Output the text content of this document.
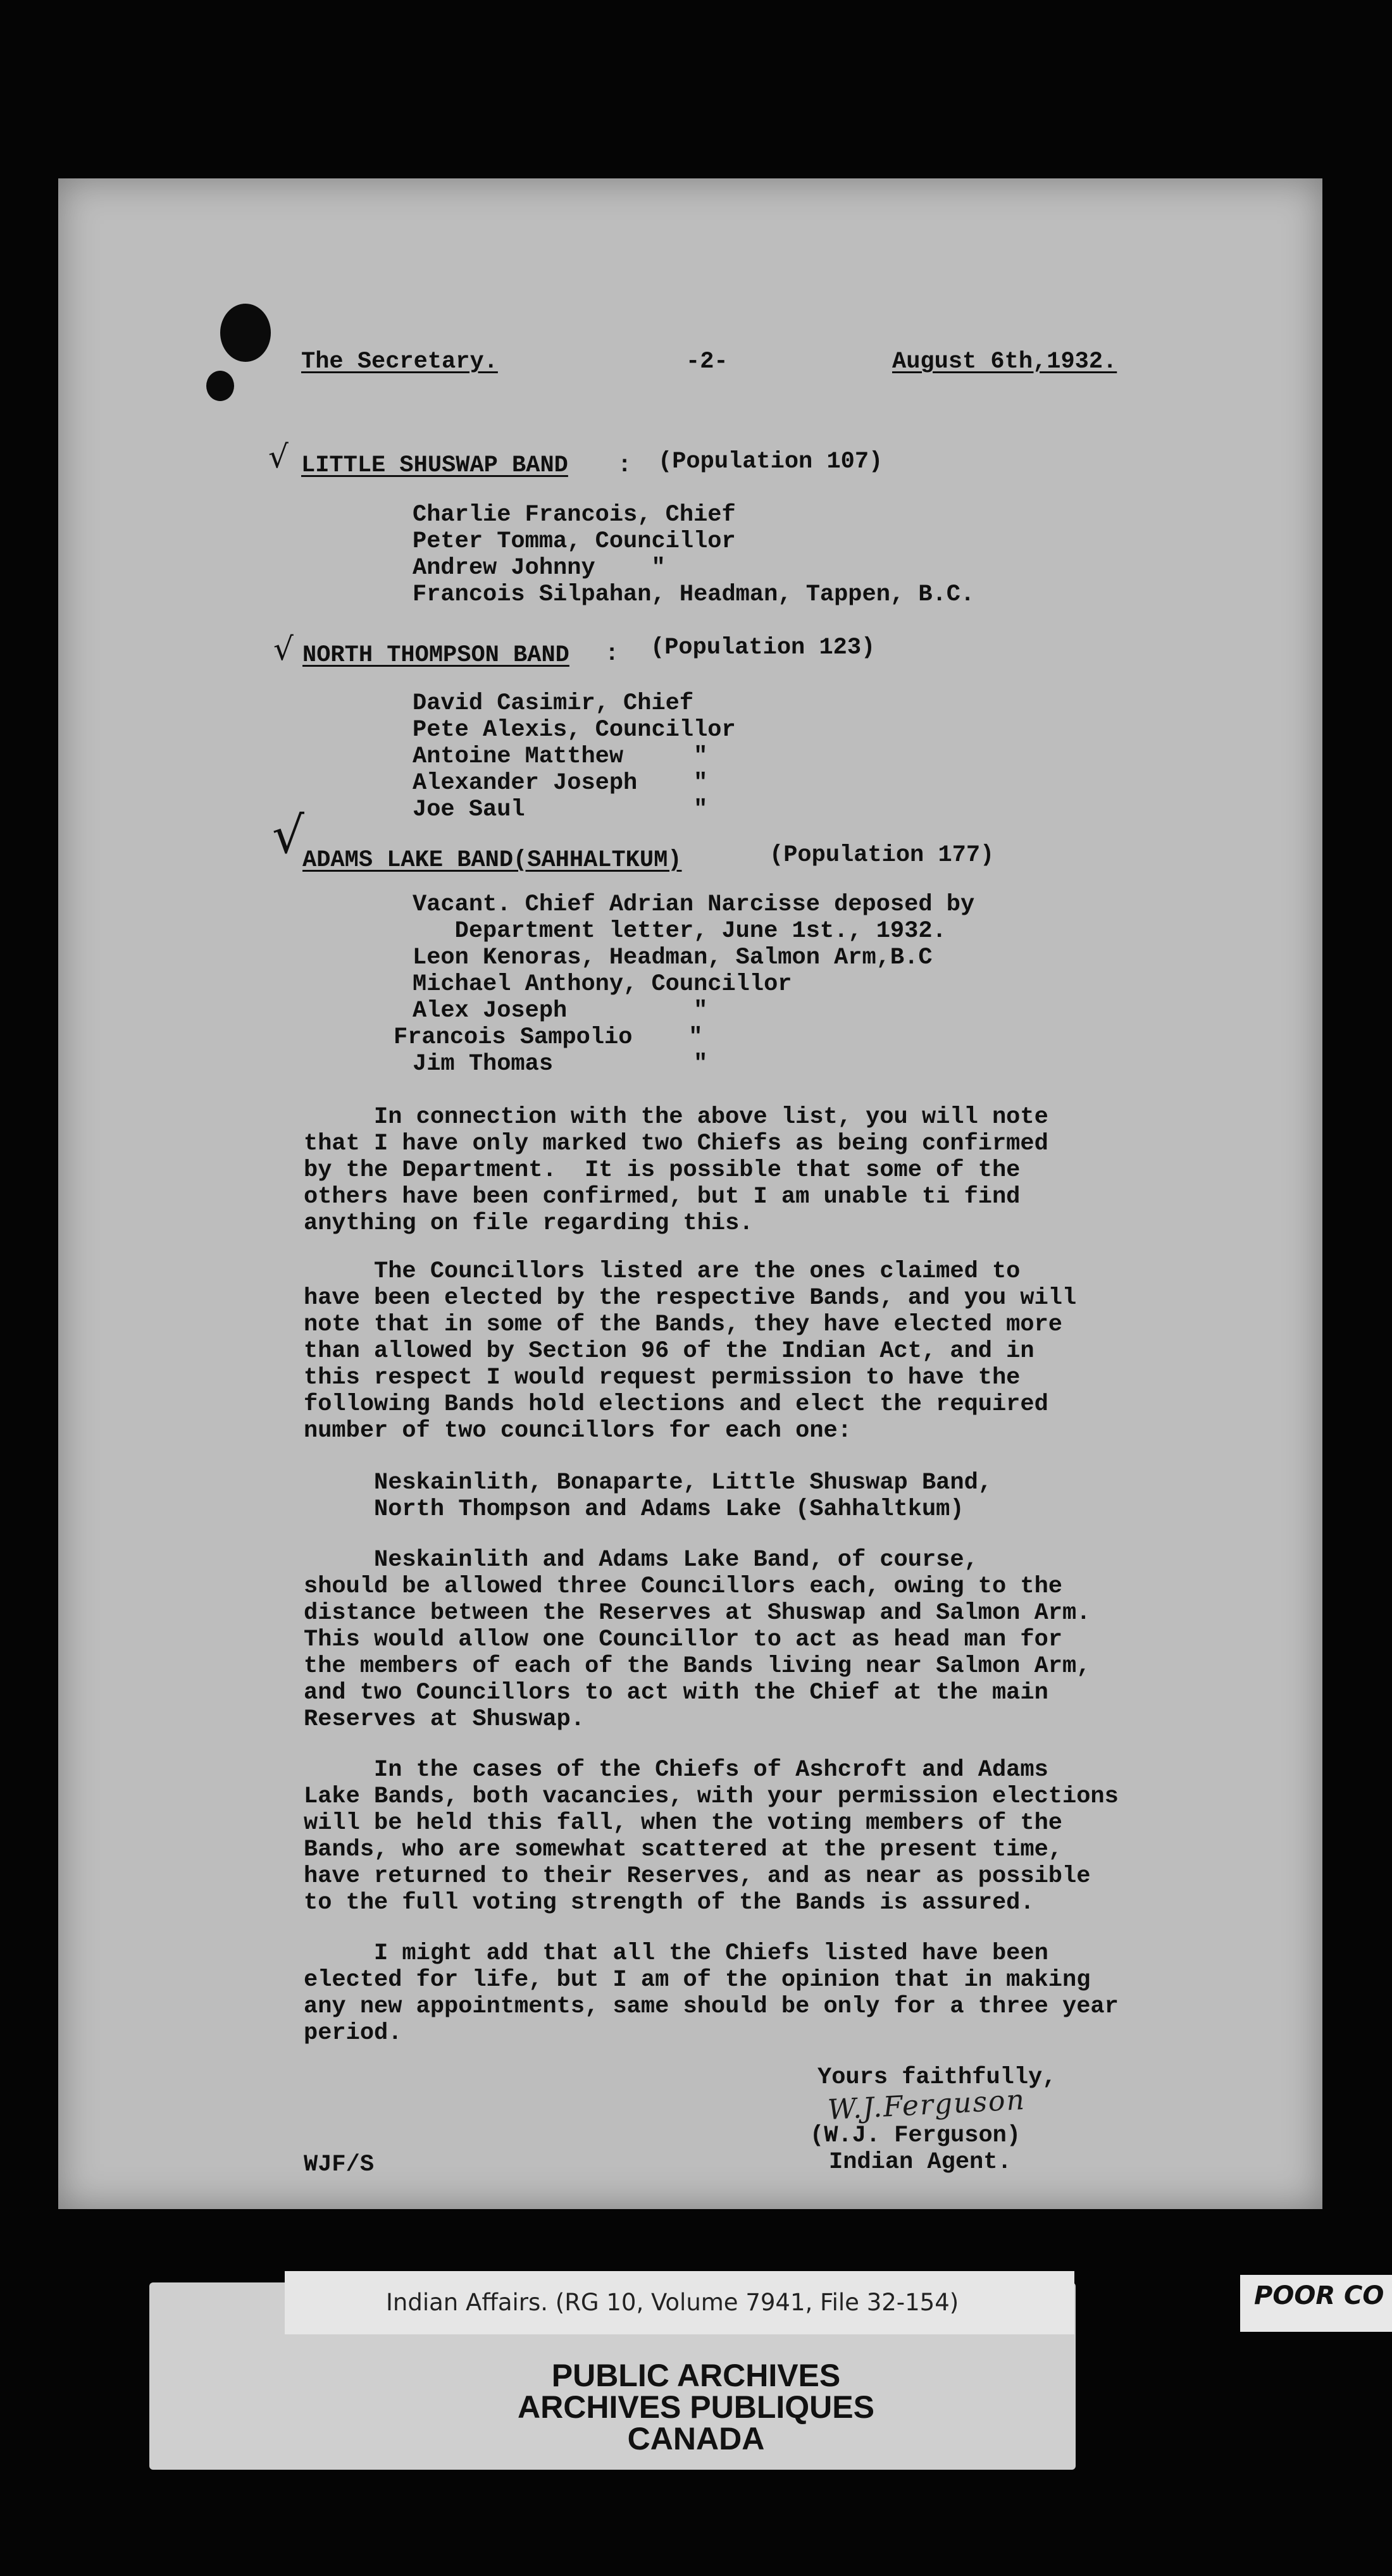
The Secretary.	-2-	August 6th,1932.
√ LITTLE SHUSWAP BAND : (Population 107)
Charlie Francois, Chief
Peter Tomma, Councillor
Andrew Johnny    "
Francois Silpahan, Headman, Tappen, B.C.
√ NORTH THOMPSON BAND : (Population 123)
David Casimir, Chief
Pete Alexis, Councillor
Antoine Matthew     "
Alexander Joseph    "
Joe Saul            "
√
ADAMS LAKE BAND(SAHHALTKUM)	(Population 177)
Vacant. Chief Adrian Narcisse deposed by
Department letter, June 1st., 1932.
Leon Kenoras, Headman, Salmon Arm,B.C
Michael Anthony, Councillor
Alex Joseph         "
Francois Sampolio    "
Jim Thomas          "
In connection with the above list, you will note
that I have only marked two Chiefs as being confirmed
by the Department.  It is possible that some of the
others have been confirmed, but I am unable ti find
anything on file regarding this.
The Councillors listed are the ones claimed to
have been elected by the respective Bands, and you will
note that in some of the Bands, they have elected more
than allowed by Section 96 of the Indian Act, and in
this respect I would request permission to have the
following Bands hold elections and elect the required
number of two councillors for each one:
Neskainlith, Bonaparte, Little Shuswap Band,
North Thompson and Adams Lake (Sahhaltkum)
Neskainlith and Adams Lake Band, of course,
should be allowed three Councillors each, owing to the
distance between the Reserves at Shuswap and Salmon Arm.
This would allow one Councillor to act as head man for
the members of each of the Bands living near Salmon Arm,
and two Councillors to act with the Chief at the main
Reserves at Shuswap.
In the cases of the Chiefs of Ashcroft and Adams
Lake Bands, both vacancies, with your permission elections
will be held this fall, when the voting members of the
Bands, who are somewhat scattered at the present time,
have returned to their Reserves, and as near as possible
to the full voting strength of the Bands is assured.
I might add that all the Chiefs listed have been
elected for life, but I am of the opinion that in making
any new appointments, same should be only for a three year
period.
Yours faithfully,
W.J.Ferguson
(W.J. Ferguson)
Indian Agent.
WJF/S
Indian Affairs. (RG 10, Volume 7941, File 32-154)
PUBLIC ARCHIVES
ARCHIVES PUBLIQUES
CANADA
POOR CO
